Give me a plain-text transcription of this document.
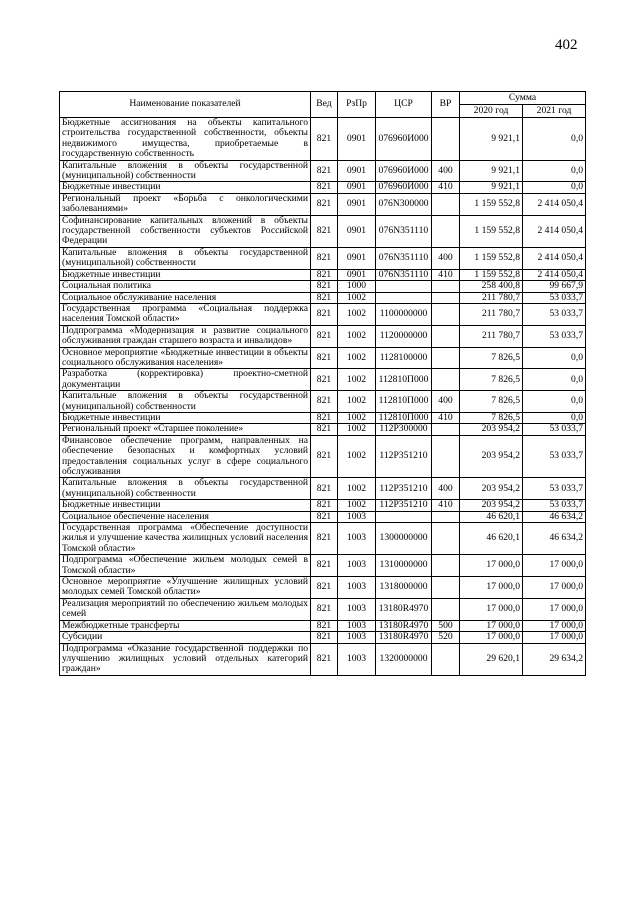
402
Наименование показателей	Вед	РзПр	ЦСР	ВР	Сумма	
					2020 год	2021 год
Бюджетные ассигнования на объекты капитального строительства государственной собственности, объекты недвижимого имущества, приобретаемые в государственную собственность	821	0901	076960И000		9 921,1	0,0
Капитальные вложения в объекты государственной (муниципальной) собственности	821	0901	076960И000	400	9 921,1	0,0
Бюджетные инвестиции	821	0901	076960И000	410	9 921,1	0,0
Региональный проект «Борьба с онкологическими заболеваниями»	821	0901	076N300000		1 159 552,8	2 414 050,4
Софинансирование капитальных вложений в объекты государственной собственности субъектов Российской Федерации	821	0901	076N351110		1 159 552,8	2 414 050,4
Капитальные вложения в объекты государственной (муниципальной) собственности	821	0901	076N351110	400	1 159 552,8	2 414 050,4
Бюджетные инвестиции	821	0901	076N351110	410	1 159 552,8	2 414 050,4
Социальная политика	821	1000			258 400,8	99 667,9
Социальное обслуживание населения	821	1002			211 780,7	53 033,7
Государственная программа «Социальная поддержка населения Томской области»	821	1002	1100000000		211 780,7	53 033,7
Подпрограмма «Модернизация и развитие социального обслуживания граждан старшего возраста и инвалидов»	821	1002	1120000000		211 780,7	53 033,7
Основное мероприятие «Бюджетные инвестиции в объекты социального обслуживания населения»	821	1002	1128100000		7 826,5	0,0
Разработка (корректировка) проектно-сметной документации	821	1002	112810П000		7 826,5	0,0
Капитальные вложения в объекты государственной (муниципальной) собственности	821	1002	112810П000	400	7 826,5	0,0
Бюджетные инвестиции	821	1002	112810П000	410	7 826,5	0,0
Региональный проект «Старшее поколение»	821	1002	112P300000		203 954,2	53 033,7
Финансовое обеспечение программ, направленных на обеспечение безопасных и комфортных условий предоставления социальных услуг в сфере социального обслуживания	821	1002	112P351210		203 954,2	53 033,7
Капитальные вложения в объекты государственной (муниципальной) собственности	821	1002	112P351210	400	203 954,2	53 033,7
Бюджетные инвестиции	821	1002	112P351210	410	203 954,2	53 033,7
Социальное обеспечение населения	821	1003			46 620,1	46 634,2
Государственная программа «Обеспечение доступности жилья и улучшение качества жилищных условий населения Томской области»	821	1003	1300000000		46 620,1	46 634,2
Подпрограмма «Обеспечение жильем молодых семей в Томской области»	821	1003	1310000000		17 000,0	17 000,0
Основное мероприятие «Улучшение жилищных условий молодых семей Томской области»	821	1003	1318000000		17 000,0	17 000,0
Реализация мероприятий по обеспечению жильем молодых семей	821	1003	13180R4970		17 000,0	17 000,0
Межбюджетные трансферты	821	1003	13180R4970	500	17 000,0	17 000,0
Субсидии	821	1003	13180R4970	520	17 000,0	17 000,0
Подпрограмма «Оказание государственной поддержки по улучшению жилищных условий отдельных категорий граждан»	821	1003	1320000000		29 620,1	29 634,2
